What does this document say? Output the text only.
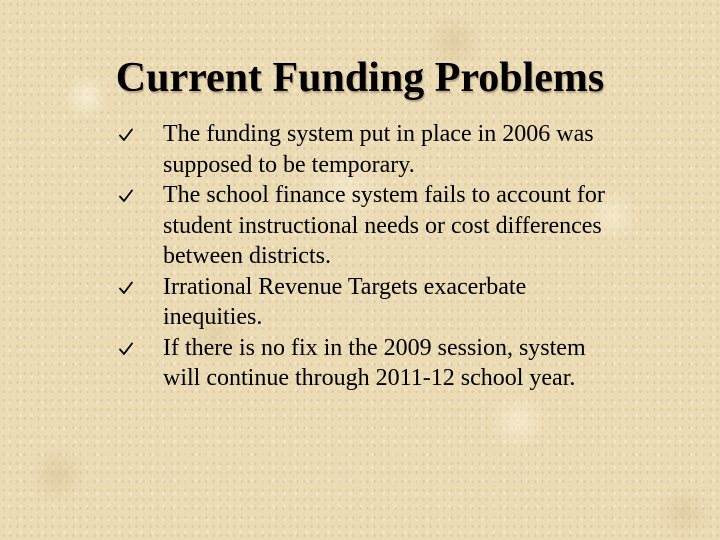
Current Funding Problems
The funding system put in place in 2006 was supposed to be temporary.
The school finance system fails to account for student instructional needs or cost differences between districts.
Irrational Revenue Targets exacerbate inequities.
If there is no fix in the 2009 session, system will continue through 2011-12 school year.
